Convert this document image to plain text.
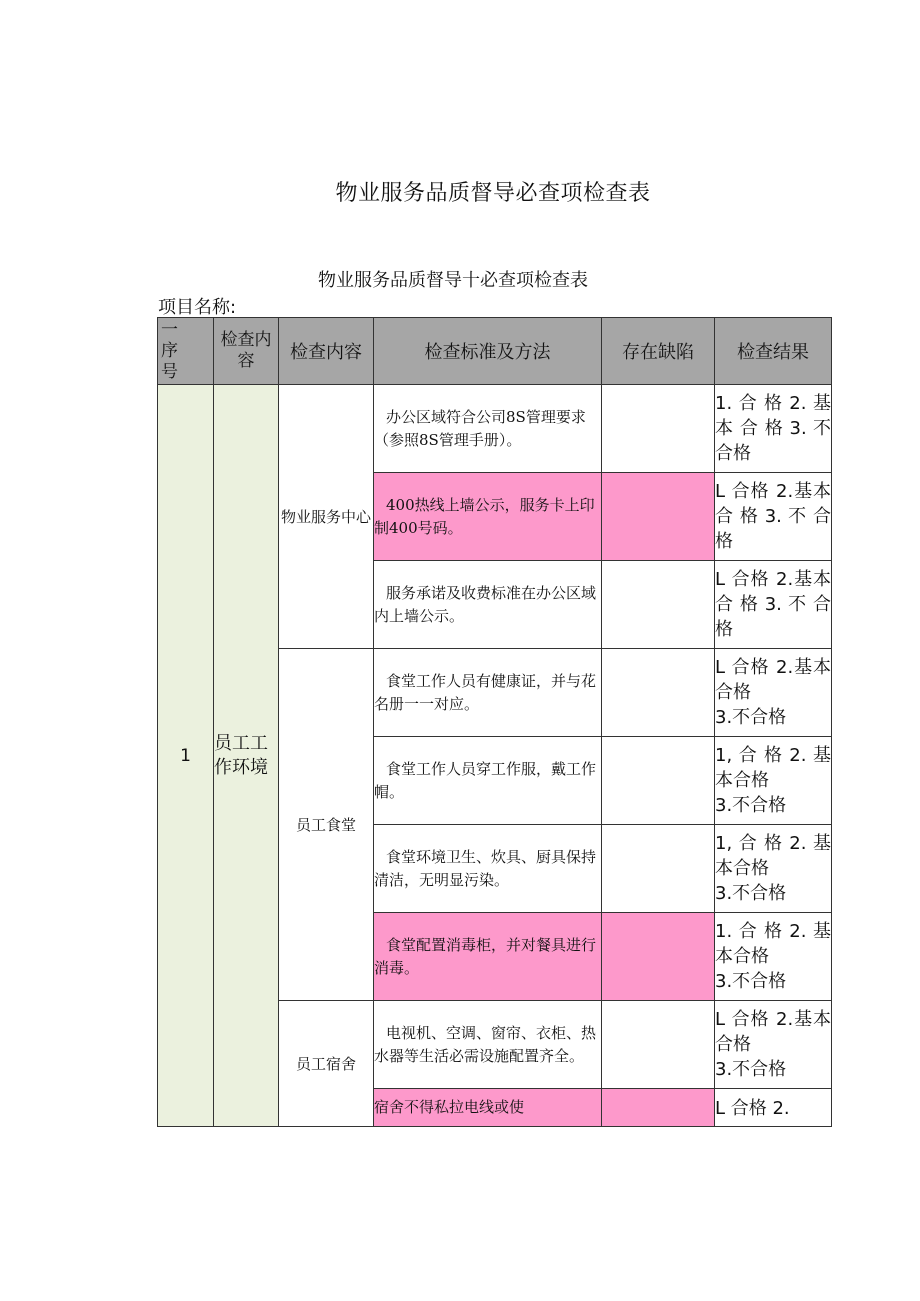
物业服务品质督导必查项检查表
物业服务品质督导十必查项检查表
项目名称:
一
序
号	检查内容	检查内容	检查标准及方法	存在缺陷	检查结果
1	员工工作环境	物业服务中心	办公区域符合公司8S管理要求（参照8S管理手册）。		1. 合 格 2. 基 本 合 格 3. 不 合格
			400热线上墙公示，服务卡上印制400号码。		L 合格 2.基本 合 格 3. 不 合 格
			服务承诺及收费标准在办公区域内上墙公示。		L 合格 2.基本 合 格 3. 不 合 格
		员工食堂	食堂工作人员有健康证，并与花名册一一对应。		L 合格 2.基本 合格
3.不合格
			食堂工作人员穿工作服，戴工作帽。		1, 合 格 2. 基 本合格
3.不合格
			食堂环境卫生、炊具、厨具保持清洁，无明显污染。		1, 合 格 2. 基 本合格
3.不合格
			食堂配置消毒柜，并对餐具进行消毒。		1. 合 格 2. 基 本合格
3.不合格
		员工宿舍	电视机、空调、窗帘、衣柜、热水器等生活必需设施配置齐全。		L 合格 2.基本 合格
3.不合格
			宿舍不得私拉电线或使		L 合格 2.
